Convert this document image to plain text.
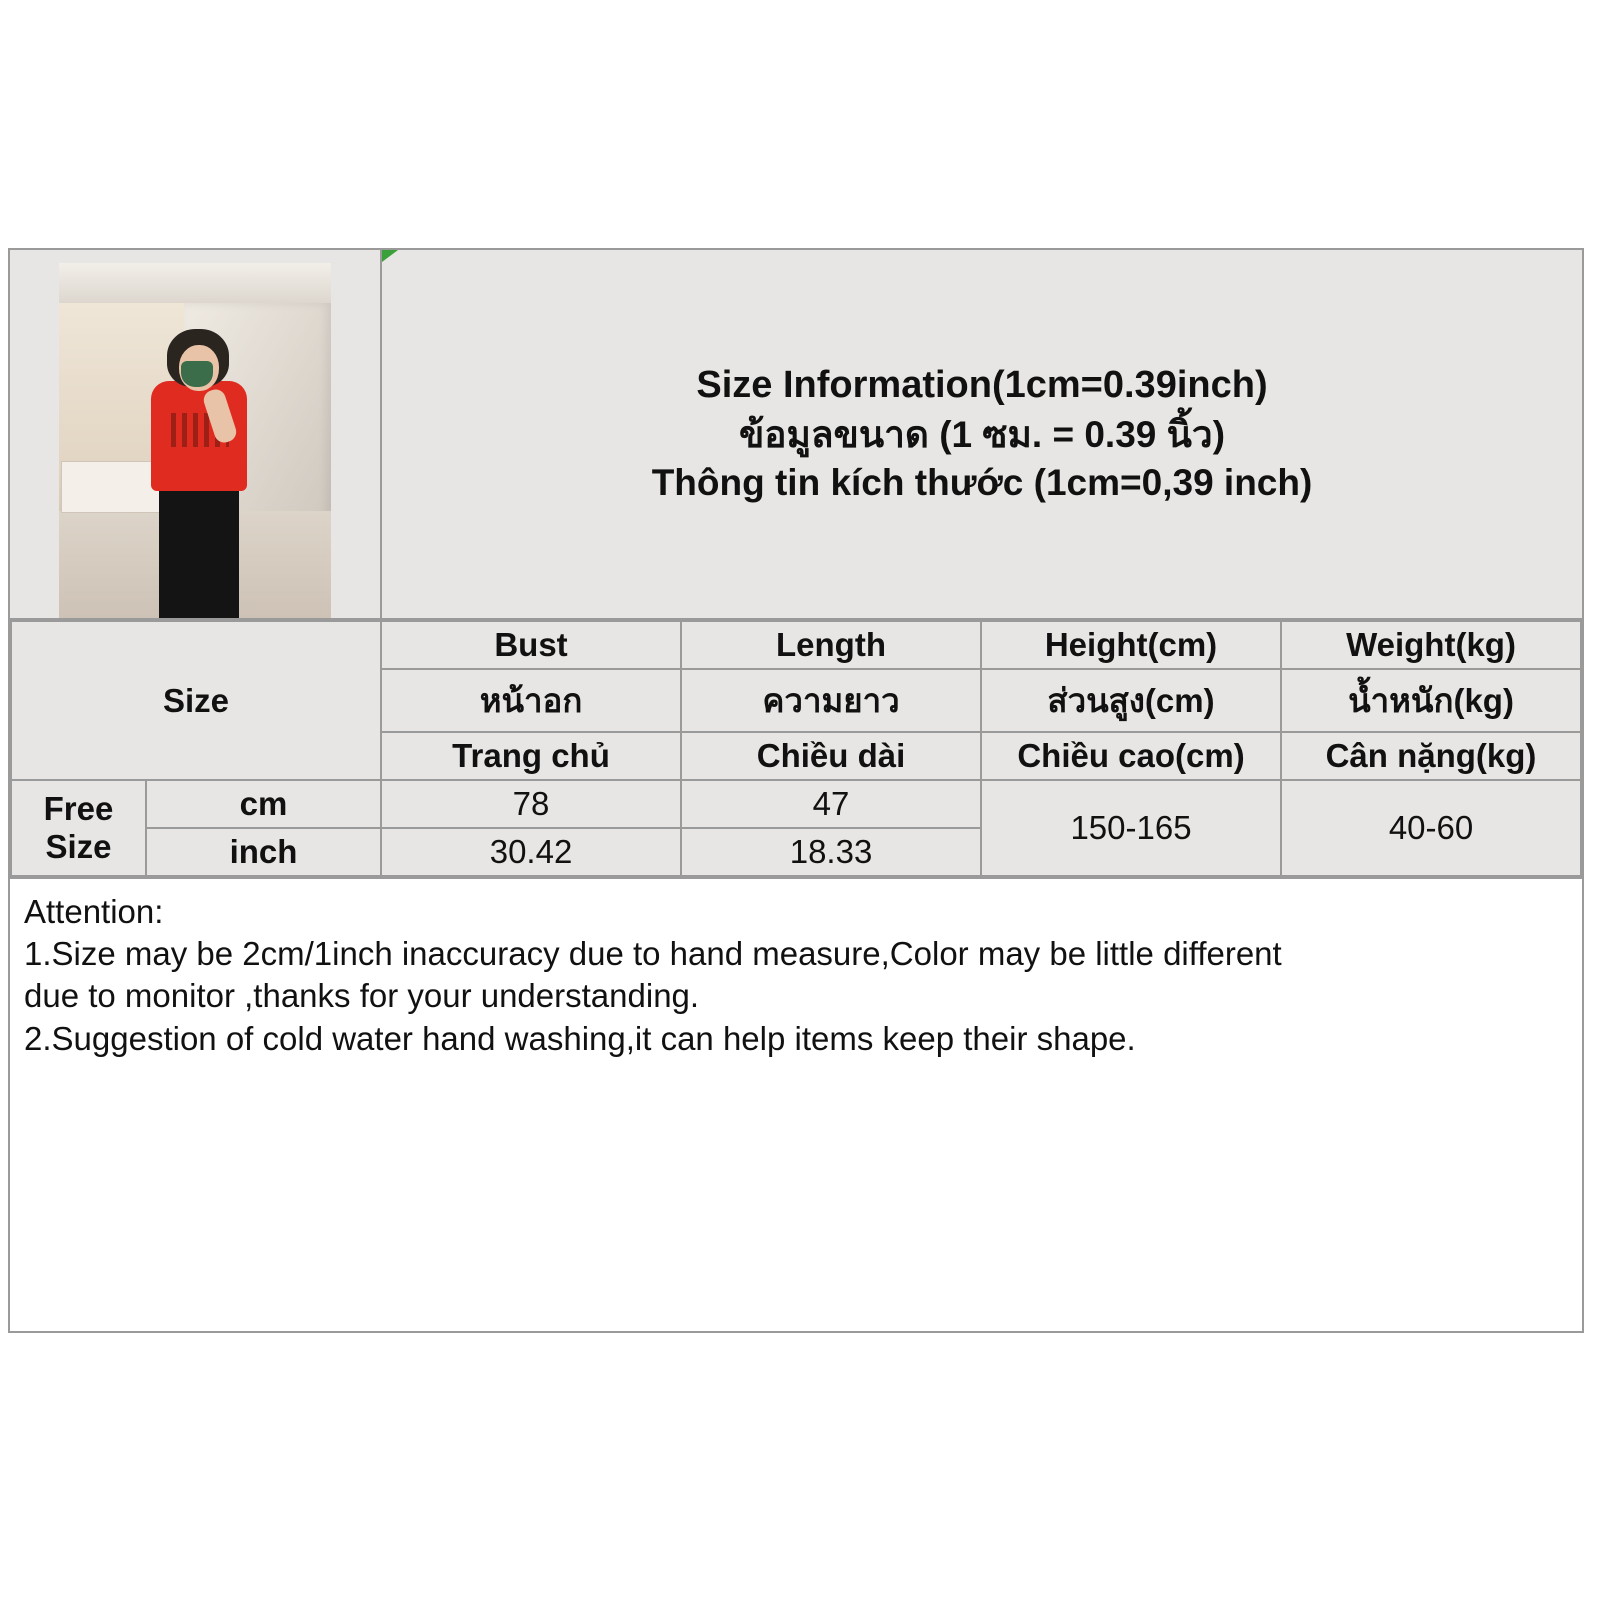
Size Information(1cm=0.39inch)
ข้อมูลขนาด (1 ซม. = 0.39 นิ้ว)
Thông tin kích thước (1cm=0,39 inch)
Size		Bust	Length	Height(cm)	Weight(kg)
		หน้าอก	ความยาว	ส่วนสูง(cm)	น้ำหนัก(kg)
		Trang chủ	Chiều dài	Chiều cao(cm)	Cân nặng(kg)
Free Size	cm	78	47	150-165	40-60
	inch	30.42	18.33		

Attention:

1.Size may be 2cm/1inch inaccuracy due to hand measure,Color may be little different

due to monitor ,thanks for your understanding.

2.Suggestion of cold water hand washing,it can help items keep their shape.
